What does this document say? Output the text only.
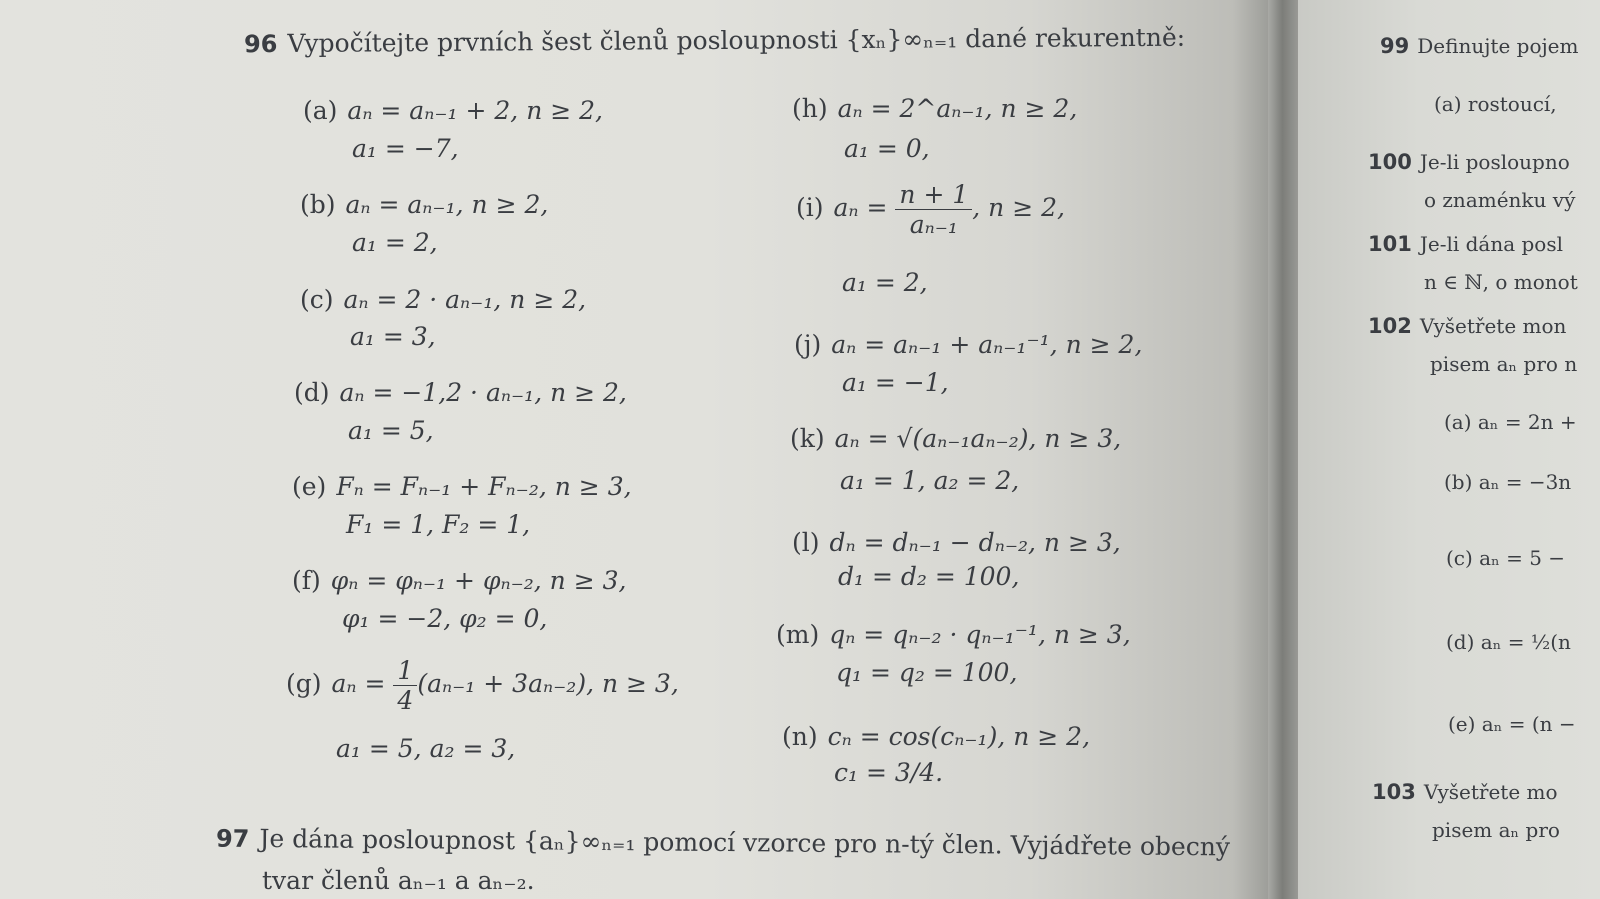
96 Vypočítejte prvních šest členů posloupnosti {xₙ}∞ₙ₌₁ dané rekurentně:
(a) aₙ = aₙ₋₁ + 2, n ≥ 2,
a₁ = −7,
(b) aₙ = aₙ₋₁, n ≥ 2,
a₁ = 2,
(c) aₙ = 2 · aₙ₋₁, n ≥ 2,
a₁ = 3,
(d) aₙ = −1,2 · aₙ₋₁, n ≥ 2,
a₁ = 5,
(e) Fₙ = Fₙ₋₁ + Fₙ₋₂, n ≥ 3,
F₁ = 1, F₂ = 1,
(f) φₙ = φₙ₋₁ + φₙ₋₂, n ≥ 3,
φ₁ = −2, φ₂ = 0,
(g) $a_n = \frac{1}{4} (a_{n-1} + 3a_{n-2})$, n ≥ 3,
a₁ = 5, a₂ = 3,
(h) aₙ = 2^aₙ₋₁, n ≥ 2,
a₁ = 0,
(i) $a_n = \frac{n + 1}{\text{aₙ₋₁}}$ , n ≥ 2,
a₁ = 2,
(j) aₙ = aₙ₋₁ + aₙ₋₁⁻¹, n ≥ 2,
a₁ = −1,
(k) aₙ = √(aₙ₋₁aₙ₋₂), n ≥ 3,
a₁ = 1, a₂ = 2,
(l) dₙ = dₙ₋₁ − dₙ₋₂, n ≥ 3,
d₁ = d₂ = 100,
(m) qₙ = qₙ₋₂ · qₙ₋₁⁻¹, n ≥ 3,
q₁ = q₂ = 100,
(n) cₙ = cos(cₙ₋₁), n ≥ 2,
c₁ = 3/4.
97 Je dána posloupnost {aₙ}∞ₙ₌₁ pomocí vzorce pro n-tý člen. Vyjádřete obecný
tvar členů aₙ₋₁ a aₙ₋₂.
99 Definujte pojem
(a) rostoucí,
100 Je-li posloupno
o znaménku vý
101 Je-li dána posl
n ∈ ℕ, o monot
102 Vyšetřete mon
pisem aₙ pro n
(a) aₙ = 2n +
(b) aₙ = −3n
(c) aₙ = 5 −
(d) aₙ = ½(n
(e) aₙ = (n −
103 Vyšetřete mo
pisem aₙ pro
